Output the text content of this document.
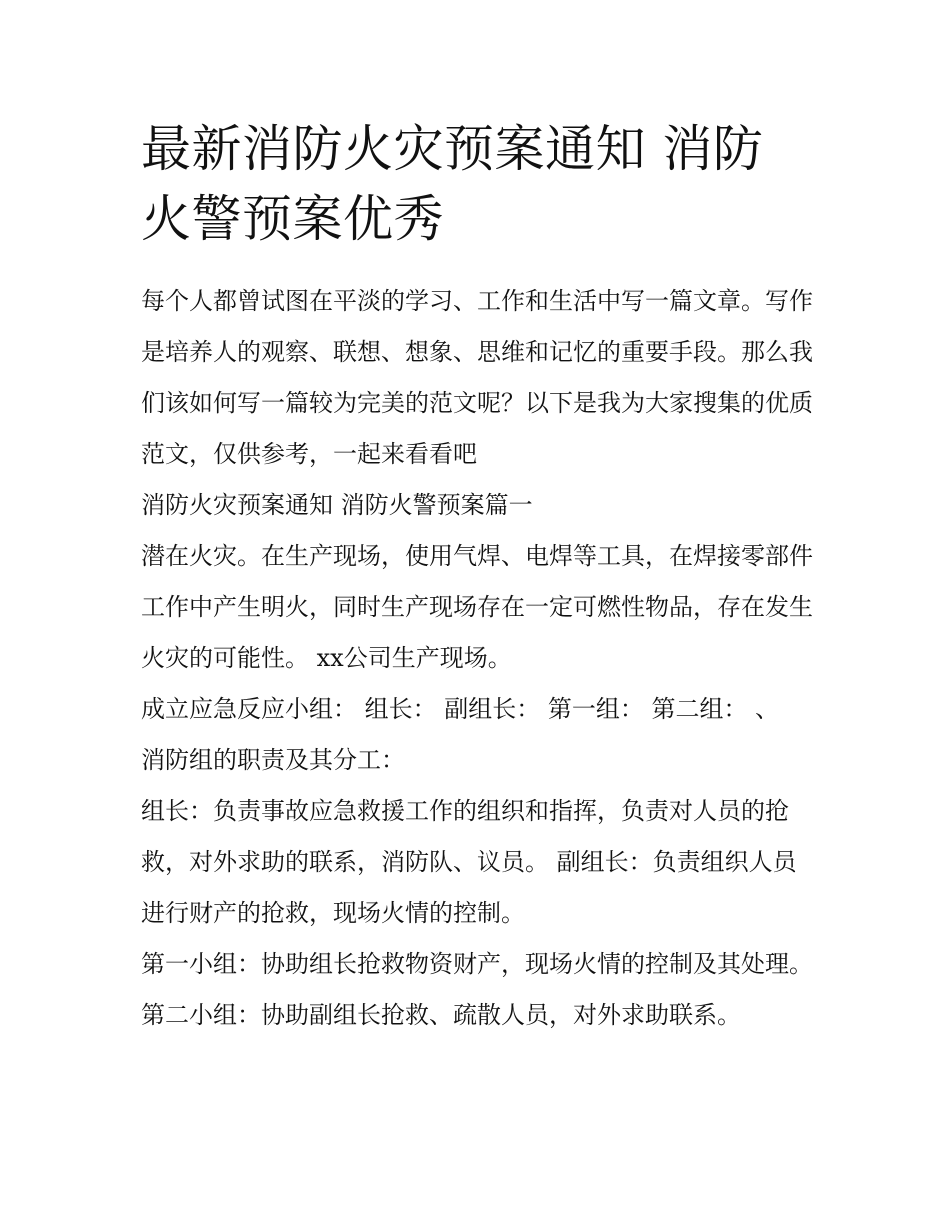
最新消防火灾预案通知 消防火警预案优秀

每个人都曾试图在平淡的学习、工作和生活中写一篇文章。写作是培养人的观察、联想、想象、思维和记忆的重要手段。那么我们该如何写一篇较为完美的范文呢？以下是我为大家搜集的优质范文，仅供参考，一起来看看吧

消防火灾预案通知 消防火警预案篇一

潜在火灾。在生产现场，使用气焊、电焊等工具，在焊接零部件工作中产生明火，同时生产现场存在一定可燃性物品，存在发生火灾的可能性。 xx公司生产现场。

成立应急反应小组： 组长： 副组长： 第一组： 第二组： 、

消防组的职责及其分工：

组长：负责事故应急救援工作的组织和指挥，负责对人员的抢救，对外求助的联系，消防队、议员。 副组长：负责组织人员进行财产的抢救，现场火情的控制。

第一小组：协助组长抢救物资财产，现场火情的控制及其处理。 第二小组：协助副组长抢救、疏散人员，对外求助联系。
